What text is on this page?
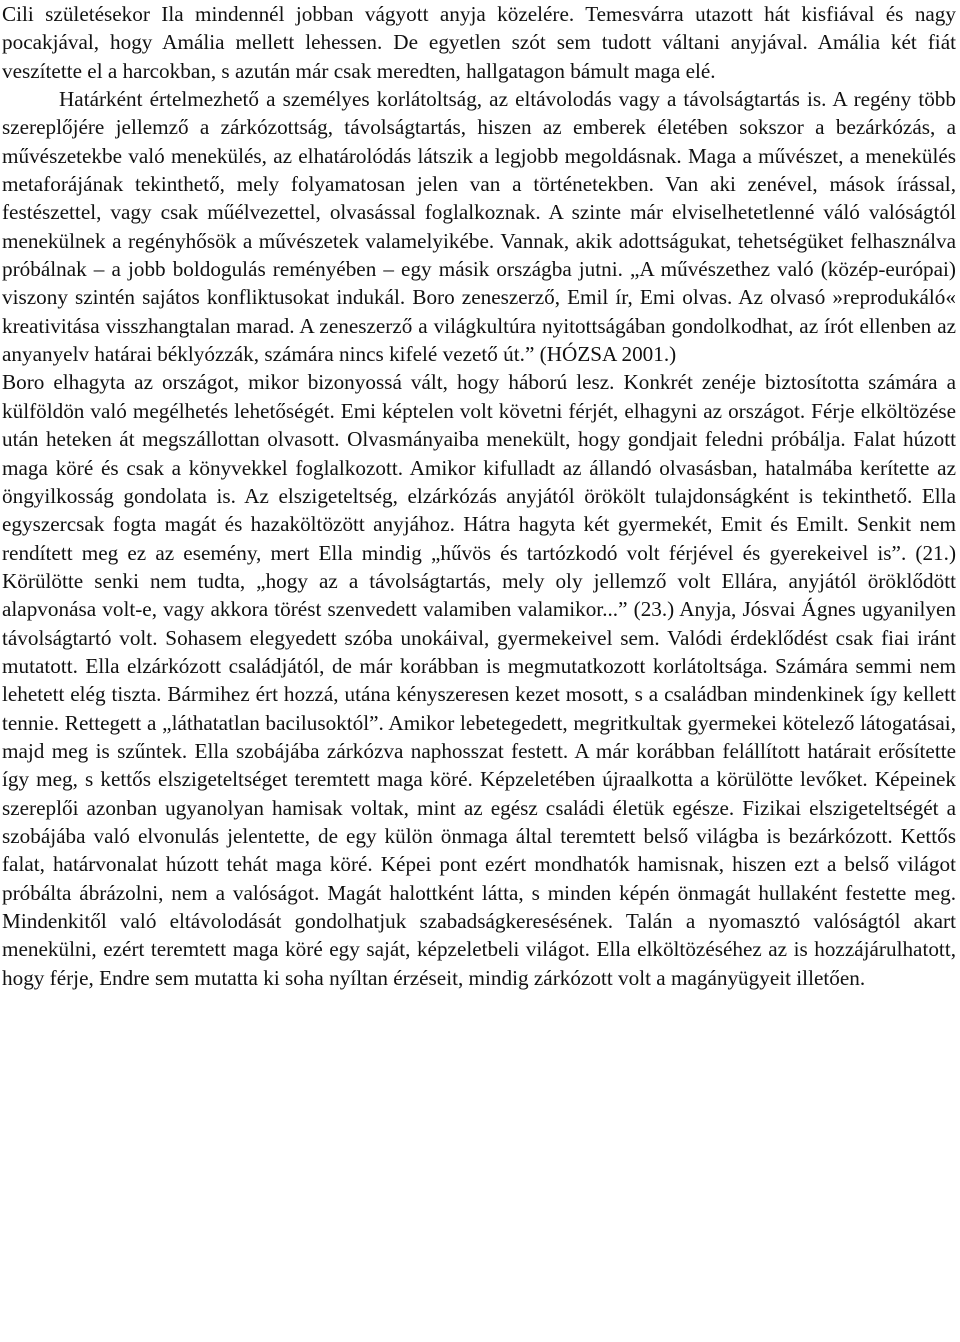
Cili születésekor Ila mindennél jobban vágyott anyja közelére. Temesvárra utazott hát kisfiával és nagy pocakjával, hogy Amália mellett lehessen. De egyetlen szót sem tudott váltani anyjával. Amália két fiát veszítette el a harcokban, s azután már csak meredten, hallgatagon bámult maga elé.

Határként értelmezhető a személyes korlátoltság, az eltávolodás vagy a távolságtartás is. A regény több szereplőjére jellemző a zárkózottság, távolságtartás, hiszen az emberek életében sokszor a bezárkózás, a művészetekbe való menekülés, az elhatárolódás látszik a legjobb megoldásnak. Maga a művészet, a menekülés metaforájának tekinthető, mely folyamatosan jelen van a történetekben. Van aki zenével, mások írással, festészettel, vagy csak műélvezettel, olvasással foglalkoznak. A szinte már elviselhetetlenné váló valóságtól menekülnek a regényhősök a művészetek valamelyikébe. Vannak, akik adottságukat, tehetségüket felhasználva próbálnak – a jobb boldogulás reményében – egy másik országba jutni. „A művészethez való (közép-európai) viszony szintén sajátos konfliktusokat indukál. Boro zeneszerző, Emil ír, Emi olvas. Az olvasó »reprodukáló« kreativitása visszhangtalan marad. A zeneszerző a világkultúra nyitottságában gondolkodhat, az írót ellenben az anyanyelv határai béklyózzák, számára nincs kifelé vezető út.” (HÓZSA 2001.)

Boro elhagyta az országot, mikor bizonyossá vált, hogy háború lesz. Konkrét zenéje biztosította számára a külföldön való megélhetés lehetőségét. Emi képtelen volt követni férjét, elhagyni az országot. Férje elköltözése után heteken át megszállottan olvasott. Olvasmányaiba menekült, hogy gondjait feledni próbálja. Falat húzott maga köré és csak a könyvekkel foglalkozott. Amikor kifulladt az állandó olvasásban, hatalmába kerítette az öngyilkosság gondolata is. Az elszigeteltség, elzárkózás anyjától örökölt tulajdonságként is tekinthető. Ella egyszercsak fogta magát és hazaköltözött anyjához. Hátra hagyta két gyermekét, Emit és Emilt. Senkit nem rendített meg ez az esemény, mert Ella mindig „hűvös és tartózkodó volt férjével és gyerekeivel is”. (21.) Körülötte senki nem tudta, „hogy az a távolságtartás, mely oly jellemző volt Ellára, anyjától öröklődött alapvonása volt-e, vagy akkora törést szenvedett valamiben valamikor...” (23.) Anyja, Jósvai Ágnes ugyanilyen távolságtartó volt. Sohasem elegyedett szóba unokáival, gyermekeivel sem. Valódi érdeklődést csak fiai iránt mutatott. Ella elzárkózott családjától, de már korábban is megmutatkozott korlátoltsága. Számára semmi nem lehetett elég tiszta. Bármihez ért hozzá, utána kényszeresen kezet mosott, s a családban mindenkinek így kellett tennie. Rettegett a „láthatatlan bacilusoktól”. Amikor lebetegedett, megritkultak gyermekei kötelező látogatásai, majd meg is szűntek. Ella szobájába zárkózva naphosszat festett. A már korábban felállított határait erősítette így meg, s kettős elszigeteltséget teremtett maga köré. Képzeletében újraalkotta a körülötte levőket. Képeinek szereplői azonban ugyanolyan hamisak voltak, mint az egész családi életük egésze. Fizikai elszigeteltségét a szobájába való elvonulás jelentette, de egy külön önmaga által teremtett belső világba is bezárkózott. Kettős falat, határvonalat húzott tehát maga köré. Képei pont ezért mondhatók hamisnak, hiszen ezt a belső világot próbálta ábrázolni, nem a valóságot. Magát halottként látta, s minden képén önmagát hullaként festette meg. Mindenkitől való eltávolodását gondolhatjuk szabadságkeresésének. Talán a nyomasztó valóságtól akart menekülni, ezért teremtett maga köré egy saját, képzeletbeli világot. Ella elköltözéséhez az is hozzájárulhatott, hogy férje, Endre sem mutatta ki soha nyíltan érzéseit, mindig zárkózott volt a magányügyeit illetően.
